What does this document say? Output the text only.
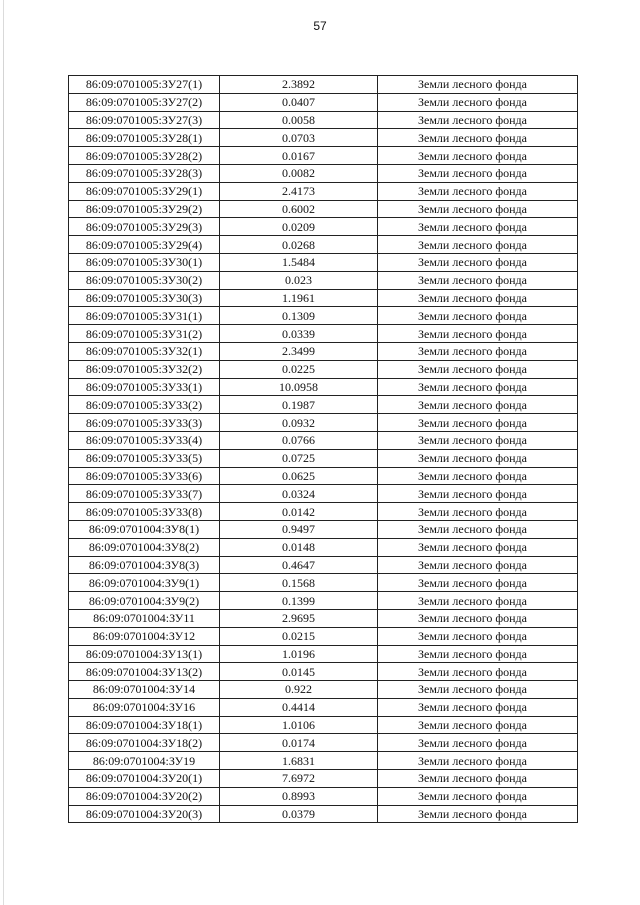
57
86:09:0701005:ЗУ27(1)	2.3892	Земли лесного фонда
86:09:0701005:ЗУ27(2)	0.0407	Земли лесного фонда
86:09:0701005:ЗУ27(3)	0.0058	Земли лесного фонда
86:09:0701005:ЗУ28(1)	0.0703	Земли лесного фонда
86:09:0701005:ЗУ28(2)	0.0167	Земли лесного фонда
86:09:0701005:ЗУ28(3)	0.0082	Земли лесного фонда
86:09:0701005:ЗУ29(1)	2.4173	Земли лесного фонда
86:09:0701005:ЗУ29(2)	0.6002	Земли лесного фонда
86:09:0701005:ЗУ29(3)	0.0209	Земли лесного фонда
86:09:0701005:ЗУ29(4)	0.0268	Земли лесного фонда
86:09:0701005:ЗУ30(1)	1.5484	Земли лесного фонда
86:09:0701005:ЗУ30(2)	0.023	Земли лесного фонда
86:09:0701005:ЗУ30(3)	1.1961	Земли лесного фонда
86:09:0701005:ЗУ31(1)	0.1309	Земли лесного фонда
86:09:0701005:ЗУ31(2)	0.0339	Земли лесного фонда
86:09:0701005:ЗУ32(1)	2.3499	Земли лесного фонда
86:09:0701005:ЗУ32(2)	0.0225	Земли лесного фонда
86:09:0701005:ЗУ33(1)	10.0958	Земли лесного фонда
86:09:0701005:ЗУ33(2)	0.1987	Земли лесного фонда
86:09:0701005:ЗУ33(3)	0.0932	Земли лесного фонда
86:09:0701005:ЗУ33(4)	0.0766	Земли лесного фонда
86:09:0701005:ЗУ33(5)	0.0725	Земли лесного фонда
86:09:0701005:ЗУ33(6)	0.0625	Земли лесного фонда
86:09:0701005:ЗУ33(7)	0.0324	Земли лесного фонда
86:09:0701005:ЗУ33(8)	0.0142	Земли лесного фонда
86:09:0701004:ЗУ8(1)	0.9497	Земли лесного фонда
86:09:0701004:ЗУ8(2)	0.0148	Земли лесного фонда
86:09:0701004:ЗУ8(3)	0.4647	Земли лесного фонда
86:09:0701004:ЗУ9(1)	0.1568	Земли лесного фонда
86:09:0701004:ЗУ9(2)	0.1399	Земли лесного фонда
86:09:0701004:ЗУ11	2.9695	Земли лесного фонда
86:09:0701004:ЗУ12	0.0215	Земли лесного фонда
86:09:0701004:ЗУ13(1)	1.0196	Земли лесного фонда
86:09:0701004:ЗУ13(2)	0.0145	Земли лесного фонда
86:09:0701004:ЗУ14	0.922	Земли лесного фонда
86:09:0701004:ЗУ16	0.4414	Земли лесного фонда
86:09:0701004:ЗУ18(1)	1.0106	Земли лесного фонда
86:09:0701004:ЗУ18(2)	0.0174	Земли лесного фонда
86:09:0701004:ЗУ19	1.6831	Земли лесного фонда
86:09:0701004:ЗУ20(1)	7.6972	Земли лесного фонда
86:09:0701004:ЗУ20(2)	0.8993	Земли лесного фонда
86:09:0701004:ЗУ20(3)	0.0379	Земли лесного фонда
